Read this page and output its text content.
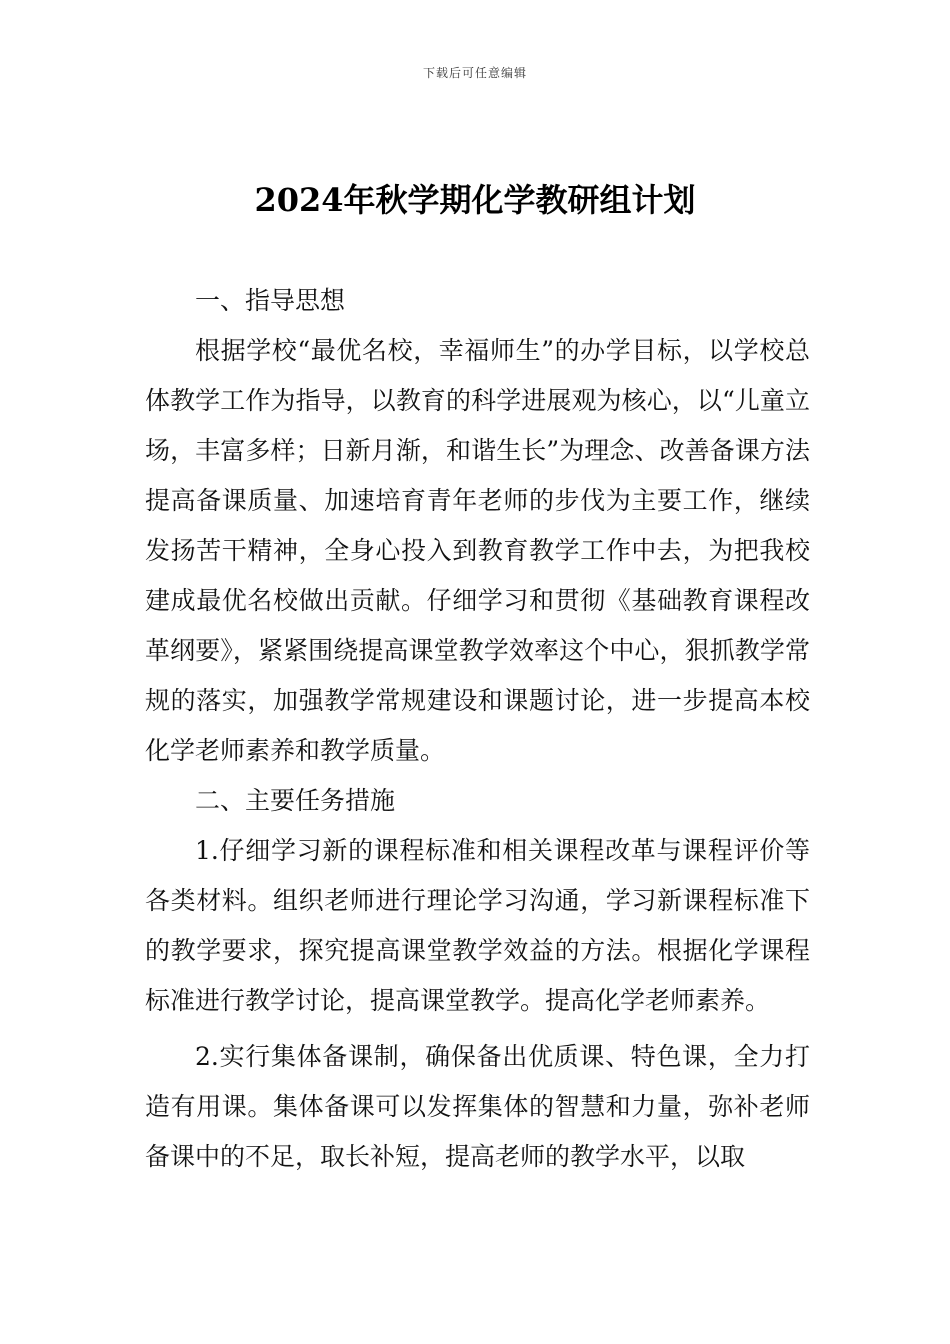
下载后可任意编辑
2024年秋学期化学教研组计划

一、指导思想

根据学校“最优名校，幸福师生”的办学目标，以学校总体教学工作为指导，以教育的科学进展观为核心，以“儿童立场，丰富多样；日新月渐，和谐生长”为理念、改善备课方法提高备课质量、加速培育青年老师的步伐为主要工作，继续发扬苦干精神，全身心投入到教育教学工作中去，为把我校建成最优名校做出贡献。仔细学习和贯彻《基础教育课程改革纲要》，紧紧围绕提高课堂教学效率这个中心，狠抓教学常规的落实，加强教学常规建设和课题讨论，进一步提高本校化学老师素养和教学质量。

二、主要任务措施

1.仔细学习新的课程标准和相关课程改革与课程评价等各类材料。组织老师进行理论学习沟通，学习新课程标准下的教学要求，探究提高课堂教学效益的方法。根据化学课程标准进行教学讨论，提高课堂教学。提高化学老师素养。

2.实行集体备课制，确保备出优质课、特色课，全力打造有用课。集体备课可以发挥集体的智慧和力量，弥补老师备课中的不足，取长补短，提高老师的教学水平，以取
